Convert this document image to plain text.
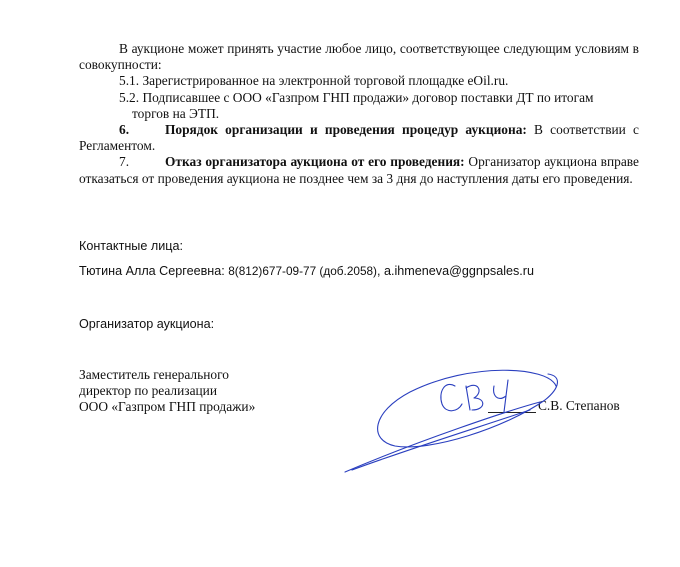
В аукционе может принять участие любое лицо, соответствующее следующим условиям в совокупности:

5.1. Зарегистрированное на электронной торговой площадке eOil.ru.

5.2. Подписавшее с ООО «Газпром ГНП продажи» договор поставки ДТ по итогам
торгов на ЭТП.

6.	Порядок организации и проведения процедур аукциона: В соответствии с Регламентом.

7.	Отказ организатора аукциона от его проведения: Организатор аукциона вправе отказаться от проведения аукциона не позднее чем за 3 дня до наступления даты его проведения.

Контактные лица:
Тютина Алла Сергеевна: 8(812)677-09-77 (доб.2058), a.ihmeneva@ggnpsales.ru
Организатор аукциона:
Заместитель генерального
директор по реализации
ООО «Газпром ГНП продажи»	С.В. Степанов
